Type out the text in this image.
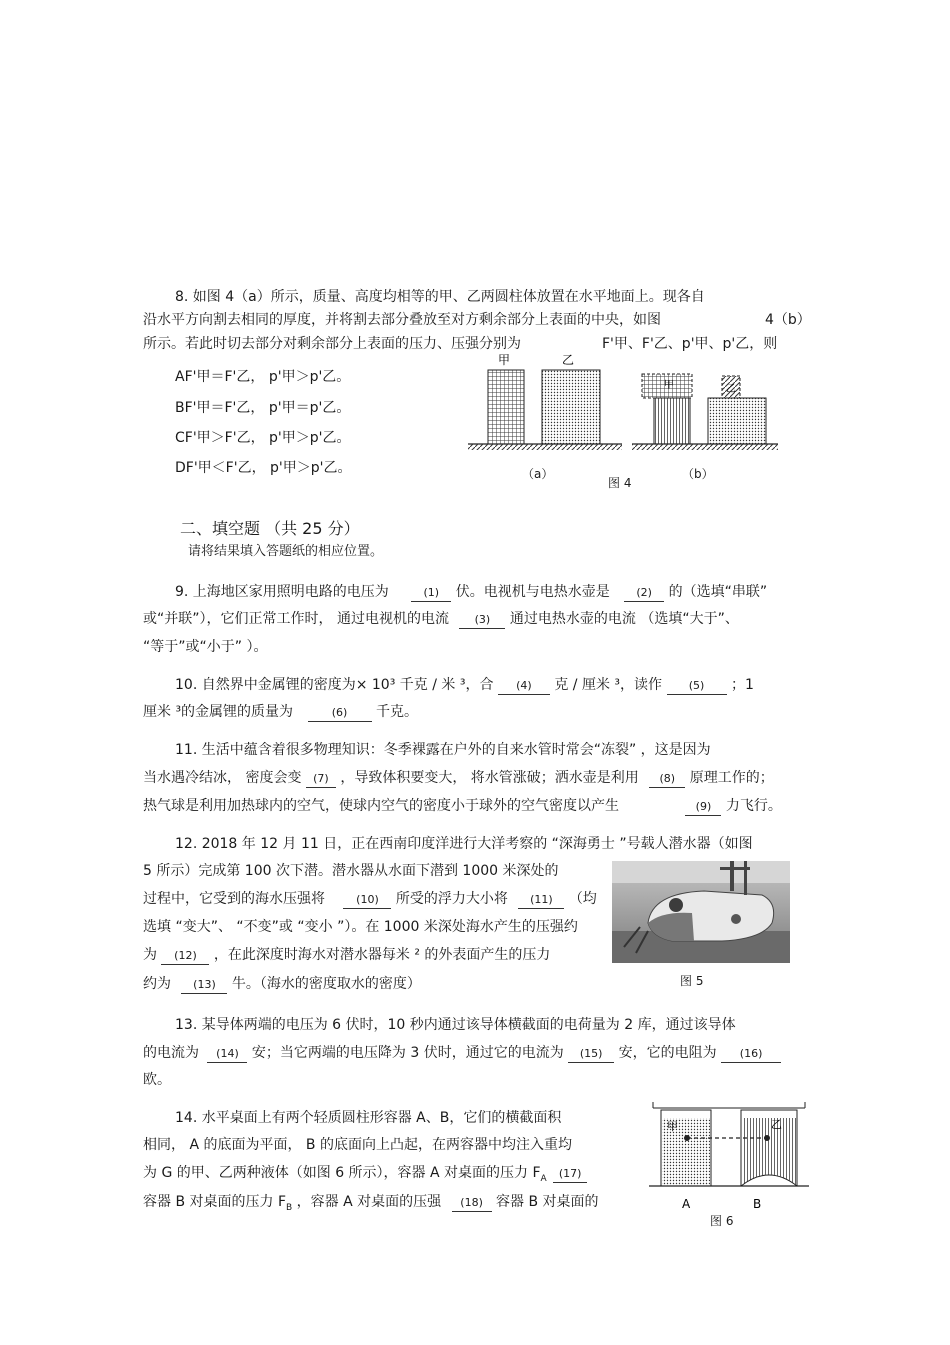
8. 如图 4（a）所示，质量、高度均相等的甲、乙两圆柱体放置在水平地面上。现各自
沿水平方向割去相同的厚度，并将割去部分叠放至对方剩余部分上表面的中央，如图	4（b）
所示。若此时切去部分对剩余部分上表面的压力、压强分别为	F'甲、F'乙、p'甲、p'乙，则
AF'甲＝F'乙， p'甲＞p'乙。
BF'甲＝F'乙， p'甲＝p'乙。
CF'甲＞F'乙， p'甲＞p'乙。
DF'甲＜F'乙， p'甲＞p'乙。
甲	乙
甲	乙
（a）	（b）
图 4
二、填空题 （共 25 分）
请将结果填入答题纸的相应位置。
9. 上海地区家用照明电路的电压为	(1) 伏。电视机与电热水壶是 (2) 的（选填“串联”
或“并联”），它们正常工作时， 通过电视机的电流 (3) 通过电热水壶的电流 （选填“大于”、
“等于”或“小于” ）。
10. 自然界中金属锂的密度为× 10³ 千克 / 米 ³，合 (4) 克 / 厘米 ³，读作 (5) ；1
厘米 ³的金属锂的质量为	(6) 千克。
11. 生活中蕴含着很多物理知识：冬季裸露在户外的自来水管时常会“冻裂” ，这是因为
当水遇冷结冰， 密度会变 (7) ，导致体积要变大， 将水管涨破；洒水壶是利用 (8) 原理工作的；
热气球是利用加热球内的空气，使球内空气的密度小于球外的空气密度以产生	(9) 力飞行。
12. 2018 年 12 月 11 日，正在西南印度洋进行大洋考察的 “深海勇士 ”号载人潜水器（如图
5 所示）完成第 100 次下潜。潜水器从水面下潜到 1000 米深处的
过程中，它受到的海水压强将	(10) 所受的浮力大小将 (11) （均
选填 “变大”、 “不变”或 “变小 ”）。在 1000 米深处海水产生的压强约
为 (12) ，在此深度时海水对潜水器每米 ² 的外表面产生的压力
约为 (13) 牛。（海水的密度取水的密度）	图 5
13. 某导体两端的电压为 6 伏时，10 秒内通过该导体横截面的电荷量为 2 库，通过该导体
的电流为 (14) 安；当它两端的电压降为 3 伏时，通过它的电流为 (15) 安，它的电阻为 (16)
欧。
14. 水平桌面上有两个轻质圆柱形容器 A、B，它们的横截面积
相同， A 的底面为平面， B 的底面向上凸起，在两容器中均注入重均
为 G 的甲、乙两种液体（如图 6 所示），容器 A 对桌面的压力 $F_A$ (17)
容器 B 对桌面的压力 $F_B$ ，容器 A 对桌面的压强 (18) 容器 B 对桌面的
甲	乙
A	B
图 6
